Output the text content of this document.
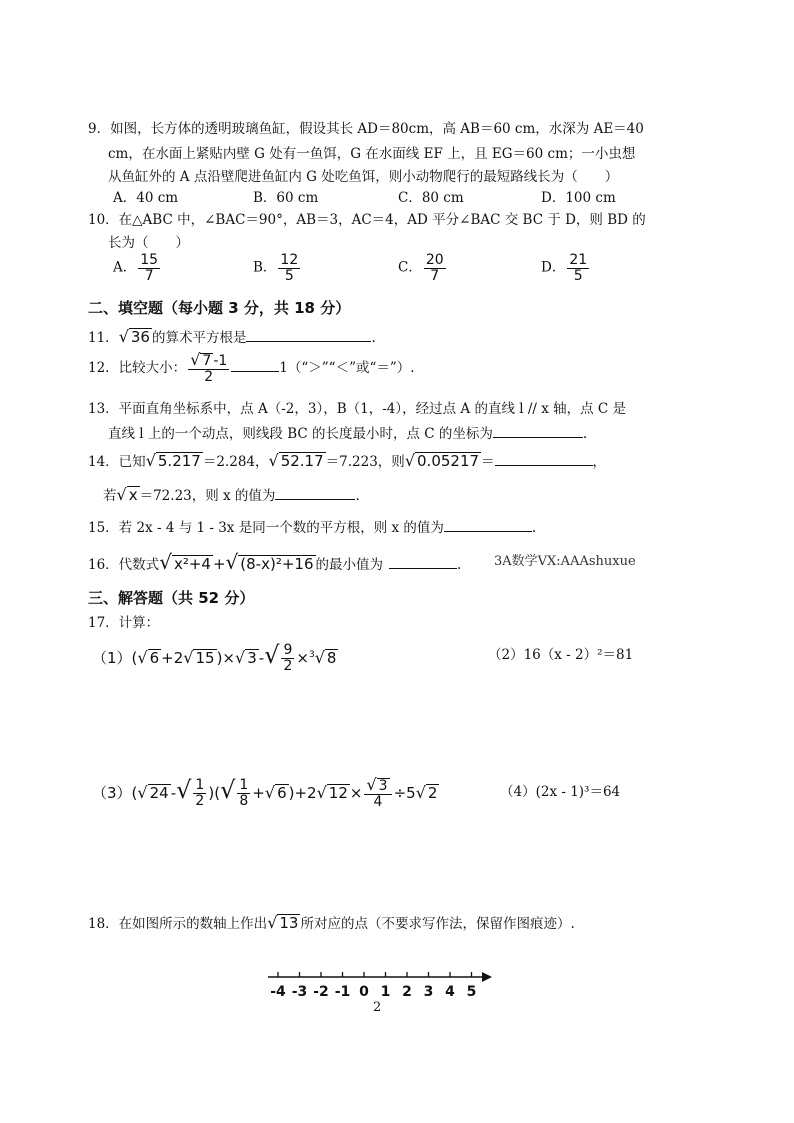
9．如图，长方体的透明玻璃鱼缸，假设其长 AD＝80cm，高 AB＝60 cm，水深为 AE＝40
cm，在水面上紧贴内壁 G 处有一鱼饵，G 在水面线 EF 上，且 EG＝60 cm；一小虫想
从鱼缸外的 A 点沿壁爬进鱼缸内 G 处吃鱼饵，则小动物爬行的最短路线长为（　　）
A．40 cm	B．60 cm	C．80 cm	D．100 cm
10．在△ABC 中，∠BAC＝90°，AB＝3，AC＝4，AD 平分∠BAC 交 BC 于 D，则 BD 的
长为（　　）
A． $\frac{15}{7}$	B． $\frac{12}{5}$	C． $\frac{20}{7}$	D． $\frac{21}{5}$
二、填空题（每小题 3 分，共 18 分）
11．√ 36 的算术平方根是	.
12．比较大小： $\frac{√ 7 -1}{2}$	1（“＞”“＜”或“＝”）.
13．平面直角坐标系中，点 A（-2，3），B（1，-4），经过点 A 的直线 l // x 轴，点 C 是
直线 l 上的一个动点，则线段 BC 的长度最小时，点 C 的坐标为	.
14．已知√ 5.217 ＝2.284，√ 52.17 ＝7.223，则√ 0.05217 ＝	，
若√ x ＝72.23，则 x 的值为	.
15．若 2x - 4 与 1 - 3x 是同一个数的平方根，则 x 的值为	.
16．代数式√ x²+4 +√ (8-x)²+16 的最小值为	.	3A数学VX:AAAshuxue
三、解答题（共 52 分）
17．计算：
（1）(√ 6 +2√ 15 )×√ 3 -√ $\frac{9}{2} \times^3√$ 8	（2）16（x - 2）²＝81
（3）(√ 24 -√ $\frac{1}{2}$ )(√ $\frac{1}{8}$ +√ 6 )+2√ $12 \times \frac{√ 3}{4} \div 5√$ 2	（4）(2x - 1)³＝64
18．在如图所示的数轴上作出√ 13 所对应的点（不要求写作法，保留作图痕迹）.
-4 -3 -2 -1 0 1 2 3 4 5
2
